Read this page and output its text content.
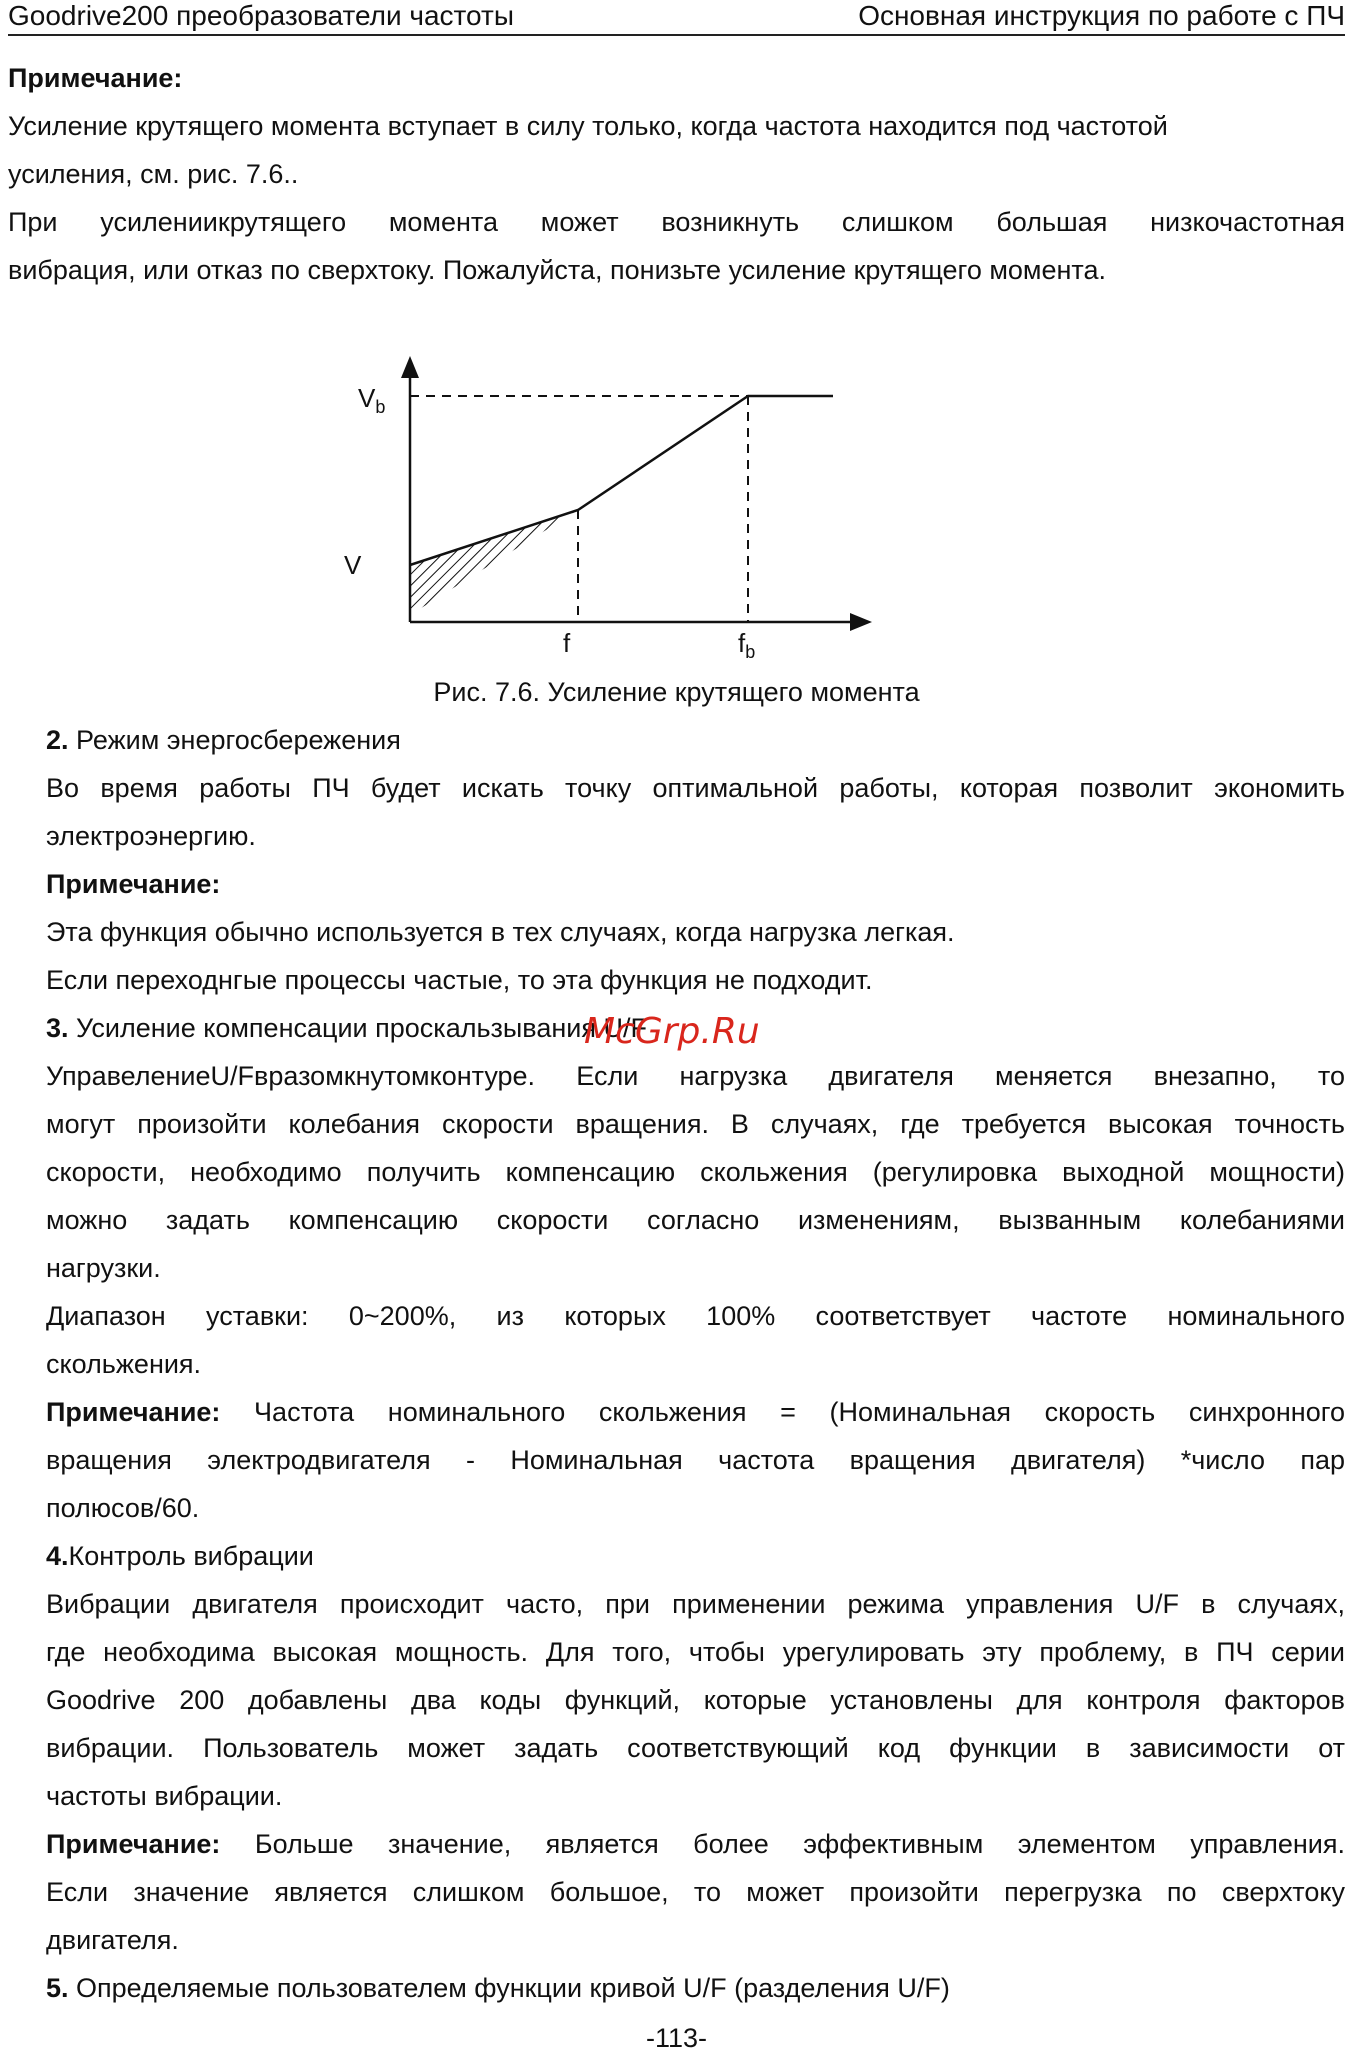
Goodrive200 преобразователи частоты	Основная инструкция по работе с ПЧ
Примечание:
Усиление крутящего момента вступает в силу только, когда частота находится под частотой
усиления, см. рис. 7.6..
При усилениикрутящего момента может возникнуть слишком большая низкочастотная
вибрация, или отказ по сверхтоку. Пожалуйста, понизьте усиление крутящего момента.
$V_b$
V
f	$f_b$
Рис. 7.6. Усиление крутящего момента
2. Режим энергосбережения
Во время работы ПЧ будет искать точку оптимальной работы, которая позволит экономить
электроэнергию.
Примечание:
Эта функция обычно используется в тех случаях, когда нагрузка легкая.
Если переходнгые процессы частые, то эта функция не подходит.
3. Усиление компенсации проскальзывания U/F
McGrp.Ru
УправелениеU/Fвразомкнутомконтуре. Если нагрузка двигателя меняется внезапно, то
могут произойти колебания скорости вращения. В случаях, где требуется высокая точность
скорости, необходимо получить компенсацию скольжения (регулировка выходной мощности)
можно задать компенсацию скорости согласно изменениям, вызванным колебаниями
нагрузки.
Диапазон уставки: 0~200%, из которых 100% соответствует частоте номинального
скольжения.
Примечание: Частота номинального скольжения = (Номинальная скорость синхронного
вращения электродвигателя - Номинальная частота вращения двигателя) *число пар
полюсов/60.
4.Контроль вибрации
Вибрации двигателя происходит часто, при применении режима управления U/F в случаях,
где необходима высокая мощность. Для того, чтобы урегулировать эту проблему, в ПЧ серии
Goodrive 200 добавлены два коды функций, которые установлены для контроля факторов
вибрации. Пользователь может задать соответствующий код функции в зависимости от
частоты вибрации.
Примечание: Больше значение, является более эффективным элементом управления.
Если значение является слишком большое, то может произойти перегрузка по сверхтоку
двигателя.
5. Определяемые пользователем функции кривой U/F (разделения U/F)
-113-
